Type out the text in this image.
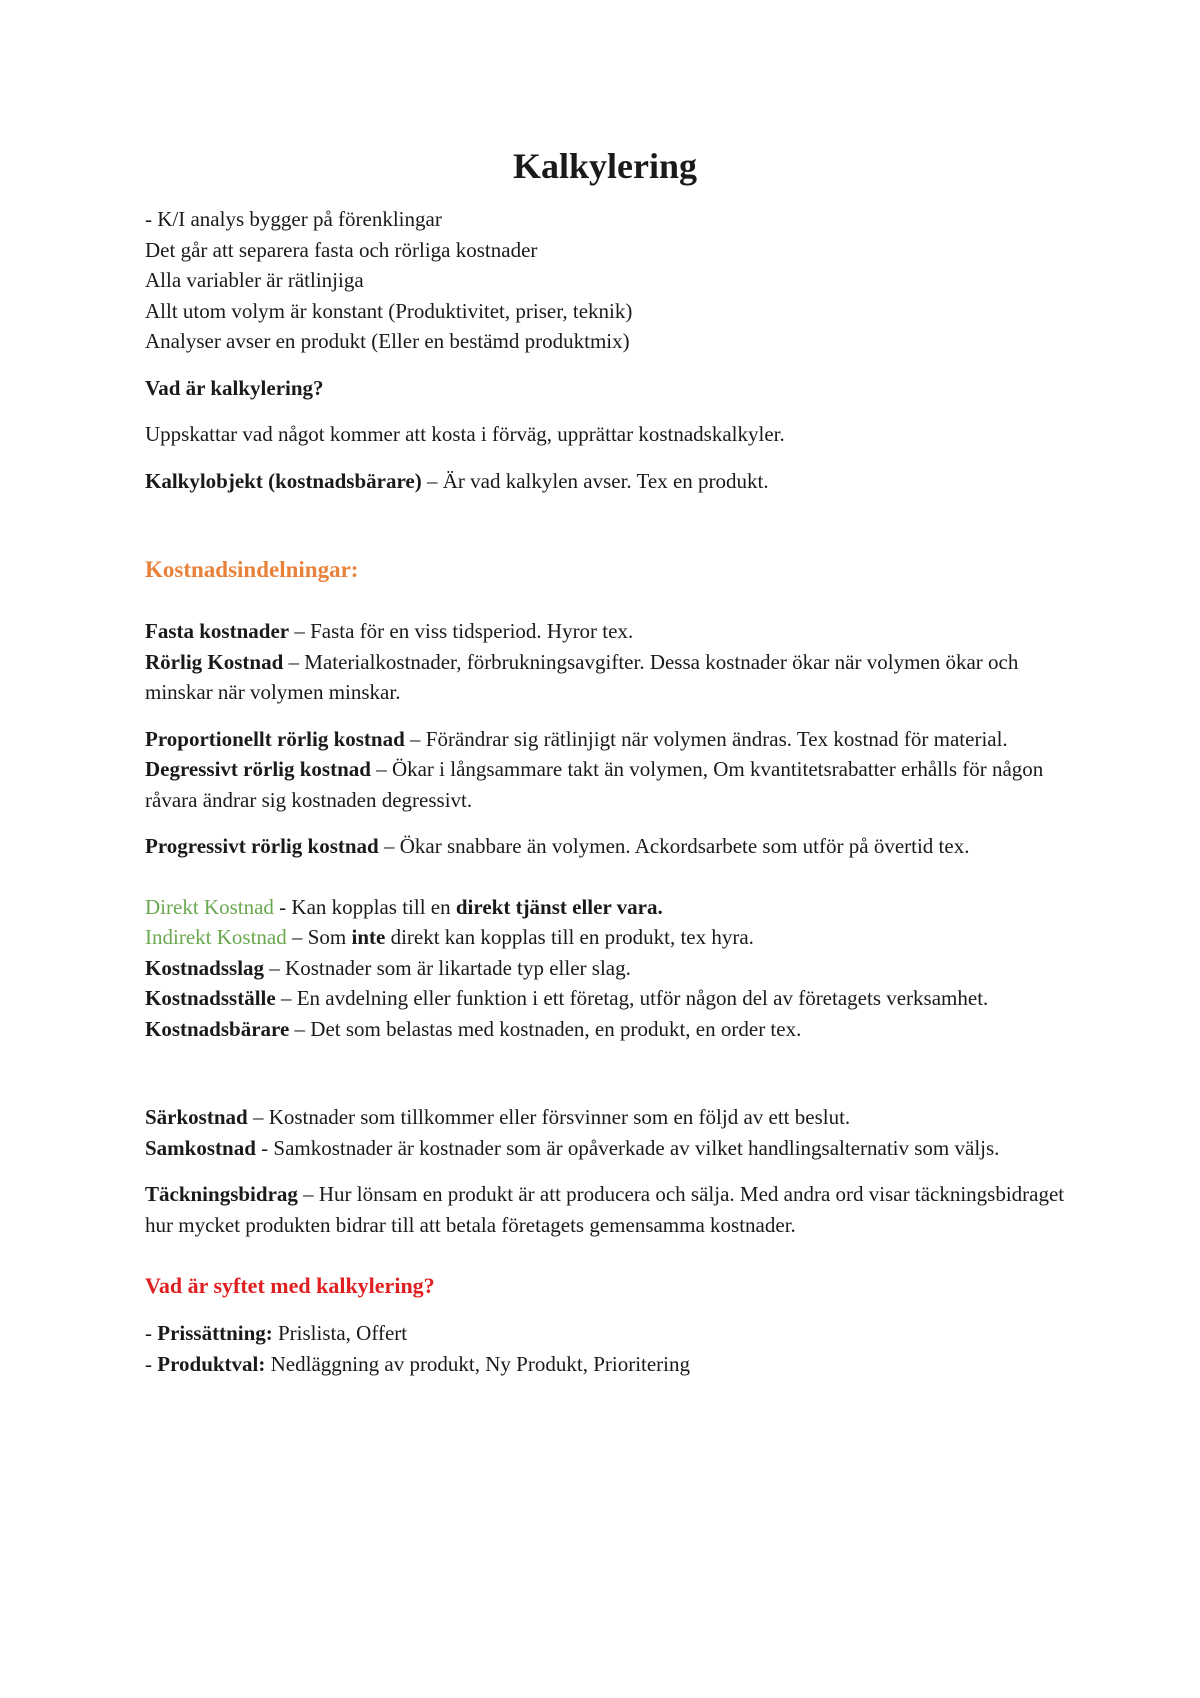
Kalkylering

- K/I analys bygger på förenklingar

Det går att separera fasta och rörliga kostnader

Alla variabler är rätlinjiga

Allt utom volym är konstant (Produktivitet, priser, teknik)

Analyser avser en produkt (Eller en bestämd produktmix)

Vad är kalkylering?

Uppskattar vad något kommer att kosta i förväg, upprättar kostnadskalkyler.

Kalkylobjekt (kostnadsbärare) – Är vad kalkylen avser. Tex en produkt.

Kostnadsindelningar:

Fasta kostnader – Fasta för en viss tidsperiod. Hyror tex.

Rörlig Kostnad – Materialkostnader, förbrukningsavgifter. Dessa kostnader ökar när volymen ökar och minskar när volymen minskar.

Proportionellt rörlig kostnad – Förändrar sig rätlinjigt när volymen ändras. Tex kostnad för material.

Degressivt rörlig kostnad – Ökar i långsammare takt än volymen, Om kvantitetsrabatter erhålls för någon råvara ändrar sig kostnaden degressivt.

Progressivt rörlig kostnad – Ökar snabbare än volymen. Ackordsarbete som utför på övertid tex.

Direkt Kostnad - Kan kopplas till en direkt tjänst eller vara.

Indirekt Kostnad – Som inte direkt kan kopplas till en produkt, tex hyra.

Kostnadsslag – Kostnader som är likartade typ eller slag.

Kostnadsställe – En avdelning eller funktion i ett företag, utför någon del av företagets verksamhet.

Kostnadsbärare – Det som belastas med kostnaden, en produkt, en order tex.

Särkostnad – Kostnader som tillkommer eller försvinner som en följd av ett beslut.

Samkostnad - Samkostnader är kostnader som är opåverkade av vilket handlingsalternativ som väljs.

Täckningsbidrag – Hur lönsam en produkt är att producera och sälja. Med andra ord visar täckningsbidraget hur mycket produkten bidrar till att betala företagets gemensamma kostnader.

Vad är syftet med kalkylering?

- Prissättning: Prislista, Offert

- Produktval: Nedläggning av produkt, Ny Produkt, Prioritering
